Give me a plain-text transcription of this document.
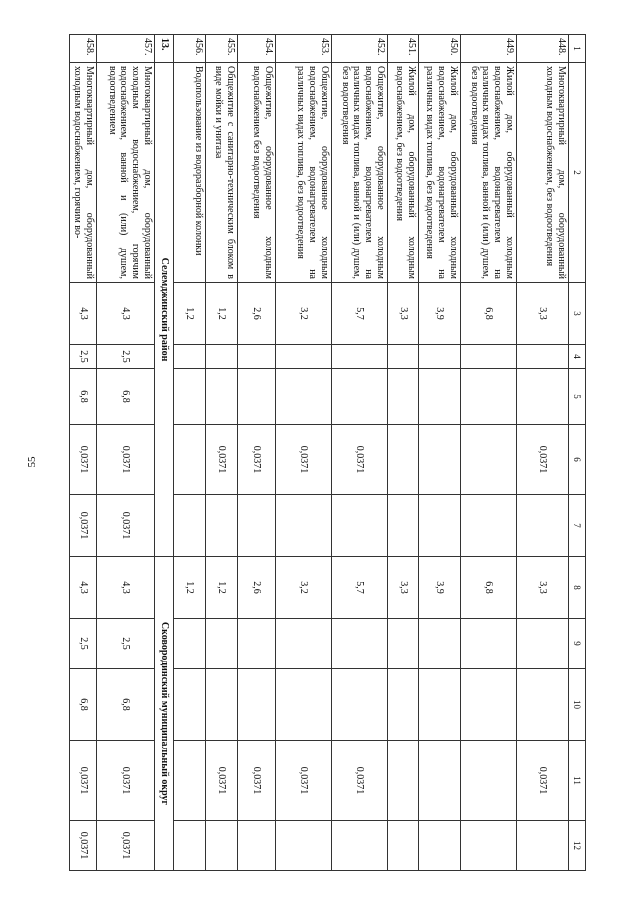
55
1	2	3	4	5	6	7	8	9	10	11	12
448.	Многоквартирный дом, оборудованный холодным водоснабжением, без водоотведения	3,3			0,0371		3,3			0,0371	
449.	Жилой дом, оборудованный холодным водоснабжением, водонагревателем на различных видах топлива, ванной и (или) душем, без водоотведения	6,8					6,8				
450.	Жилой дом, оборудованный холодным водоснабжением, водонагревателем на различных видах топлива, без водоотведения	3,9					3,9				
451.	Жилой дом, оборудованный холодным водоснабжением, без водоотведения	3,3					3,3				
452.	Общежитие, оборудованное холодным водоснабжением, водонагревателем на различных видах топлива, ванной и (или) душем, без водоотведения	5,7			0,0371		5,7			0,0371	
453.	Общежитие, оборудованное холодным водоснабжением, водонагревателем на различных видах топлива, без водоотведения	3,2			0,0371		3,2			0,0371	
454.	Общежитие, оборудованное холодным водоснабжением без водоотведения	2,6			0,0371		2,6			0,0371	
455.	Общежитие с санитарно-техническим блоком в виде мойки и унитаза	1,2			0,0371		1,2			0,0371	
456.	Водопользование из водоразборной колонки	1,2					1,2				
13.	Селемджинский район						Сковородинский муниципальный округ				
457.	Многоквартирный дом, оборудованный холодным водоснабжением, горячим водоснабжением, ванной и (или) душем, водоотведением	4,3	2,5	6,8	0,0371	0,0371	4,3	2,5	6,8	0,0371	0,0371
458.	Многоквартирный дом, оборудованный холодным водоснабжением, горячим во-	4,3	2,5	6,8	0,0371	0,0371	4,3	2,5	6,8	0,0371	0,0371
